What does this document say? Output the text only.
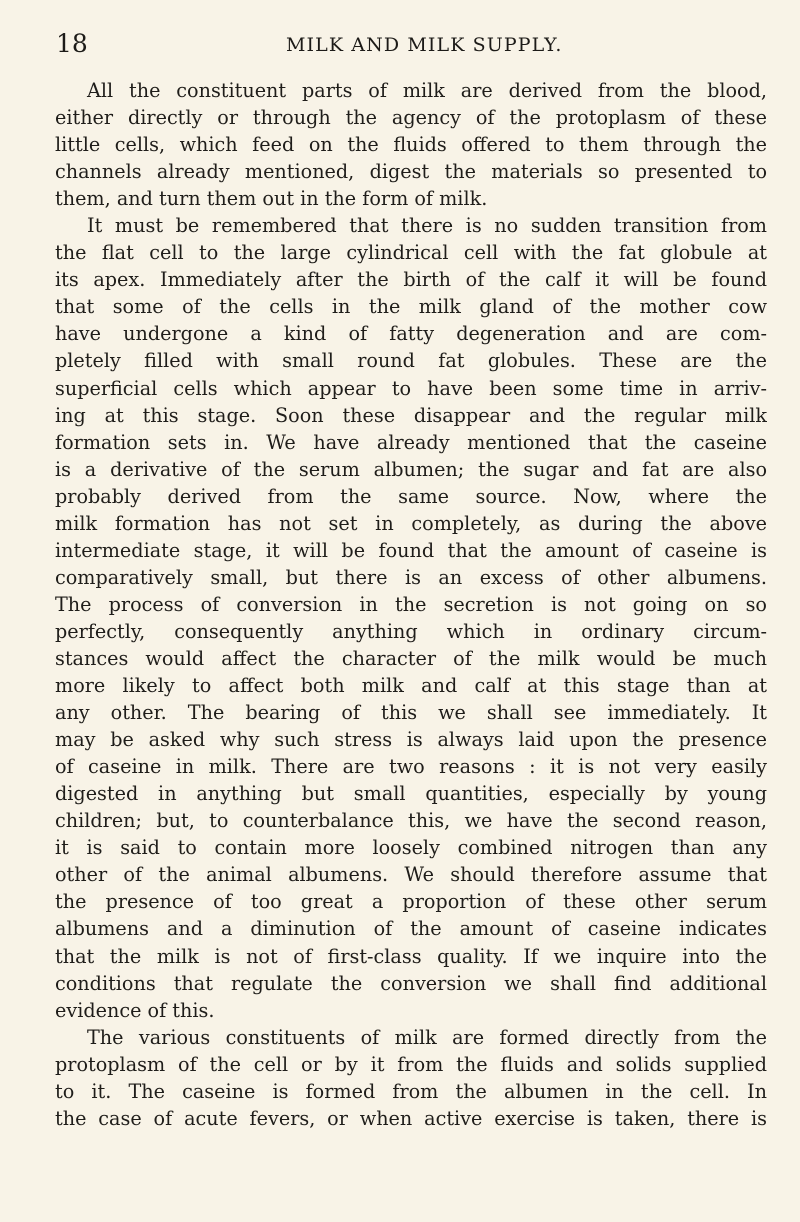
18	MILK AND MILK SUPPLY.
All the constituent parts of milk are derived from the blood,
either directly or through the agency of the protoplasm of these
little cells, which feed on the fluids offered to them through the
channels already mentioned, digest the materials so presented to
them, and turn them out in the form of milk.
It must be remembered that there is no sudden transition from
the flat cell to the large cylindrical cell with the fat globule at
its apex. Immediately after the birth of the calf it will be found
that some of the cells in the milk gland of the mother cow
have undergone a kind of fatty degeneration and are com-
pletely filled with small round fat globules. These are the
superficial cells which appear to have been some time in arriv-
ing at this stage. Soon these disappear and the regular milk
formation sets in. We have already mentioned that the caseine
is a derivative of the serum albumen; the sugar and fat are also
probably derived from the same source. Now, where the
milk formation has not set in completely, as during the above
intermediate stage, it will be found that the amount of caseine is
comparatively small, but there is an excess of other albumens.
The process of conversion in the secretion is not going on so
perfectly, consequently anything which in ordinary circum-
stances would affect the character of the milk would be much
more likely to affect both milk and calf at this stage than at
any other. The bearing of this we shall see immediately. It
may be asked why such stress is always laid upon the presence
of caseine in milk. There are two reasons : it is not very easily
digested in anything but small quantities, especially by young
children; but, to counterbalance this, we have the second reason,
it is said to contain more loosely combined nitrogen than any
other of the animal albumens. We should therefore assume that
the presence of too great a proportion of these other serum
albumens and a diminution of the amount of caseine indicates
that the milk is not of first-class quality. If we inquire into the
conditions that regulate the conversion we shall find additional
evidence of this.
The various constituents of milk are formed directly from the
protoplasm of the cell or by it from the fluids and solids supplied
to it. The caseine is formed from the albumen in the cell. In
the case of acute fevers, or when active exercise is taken, there is
